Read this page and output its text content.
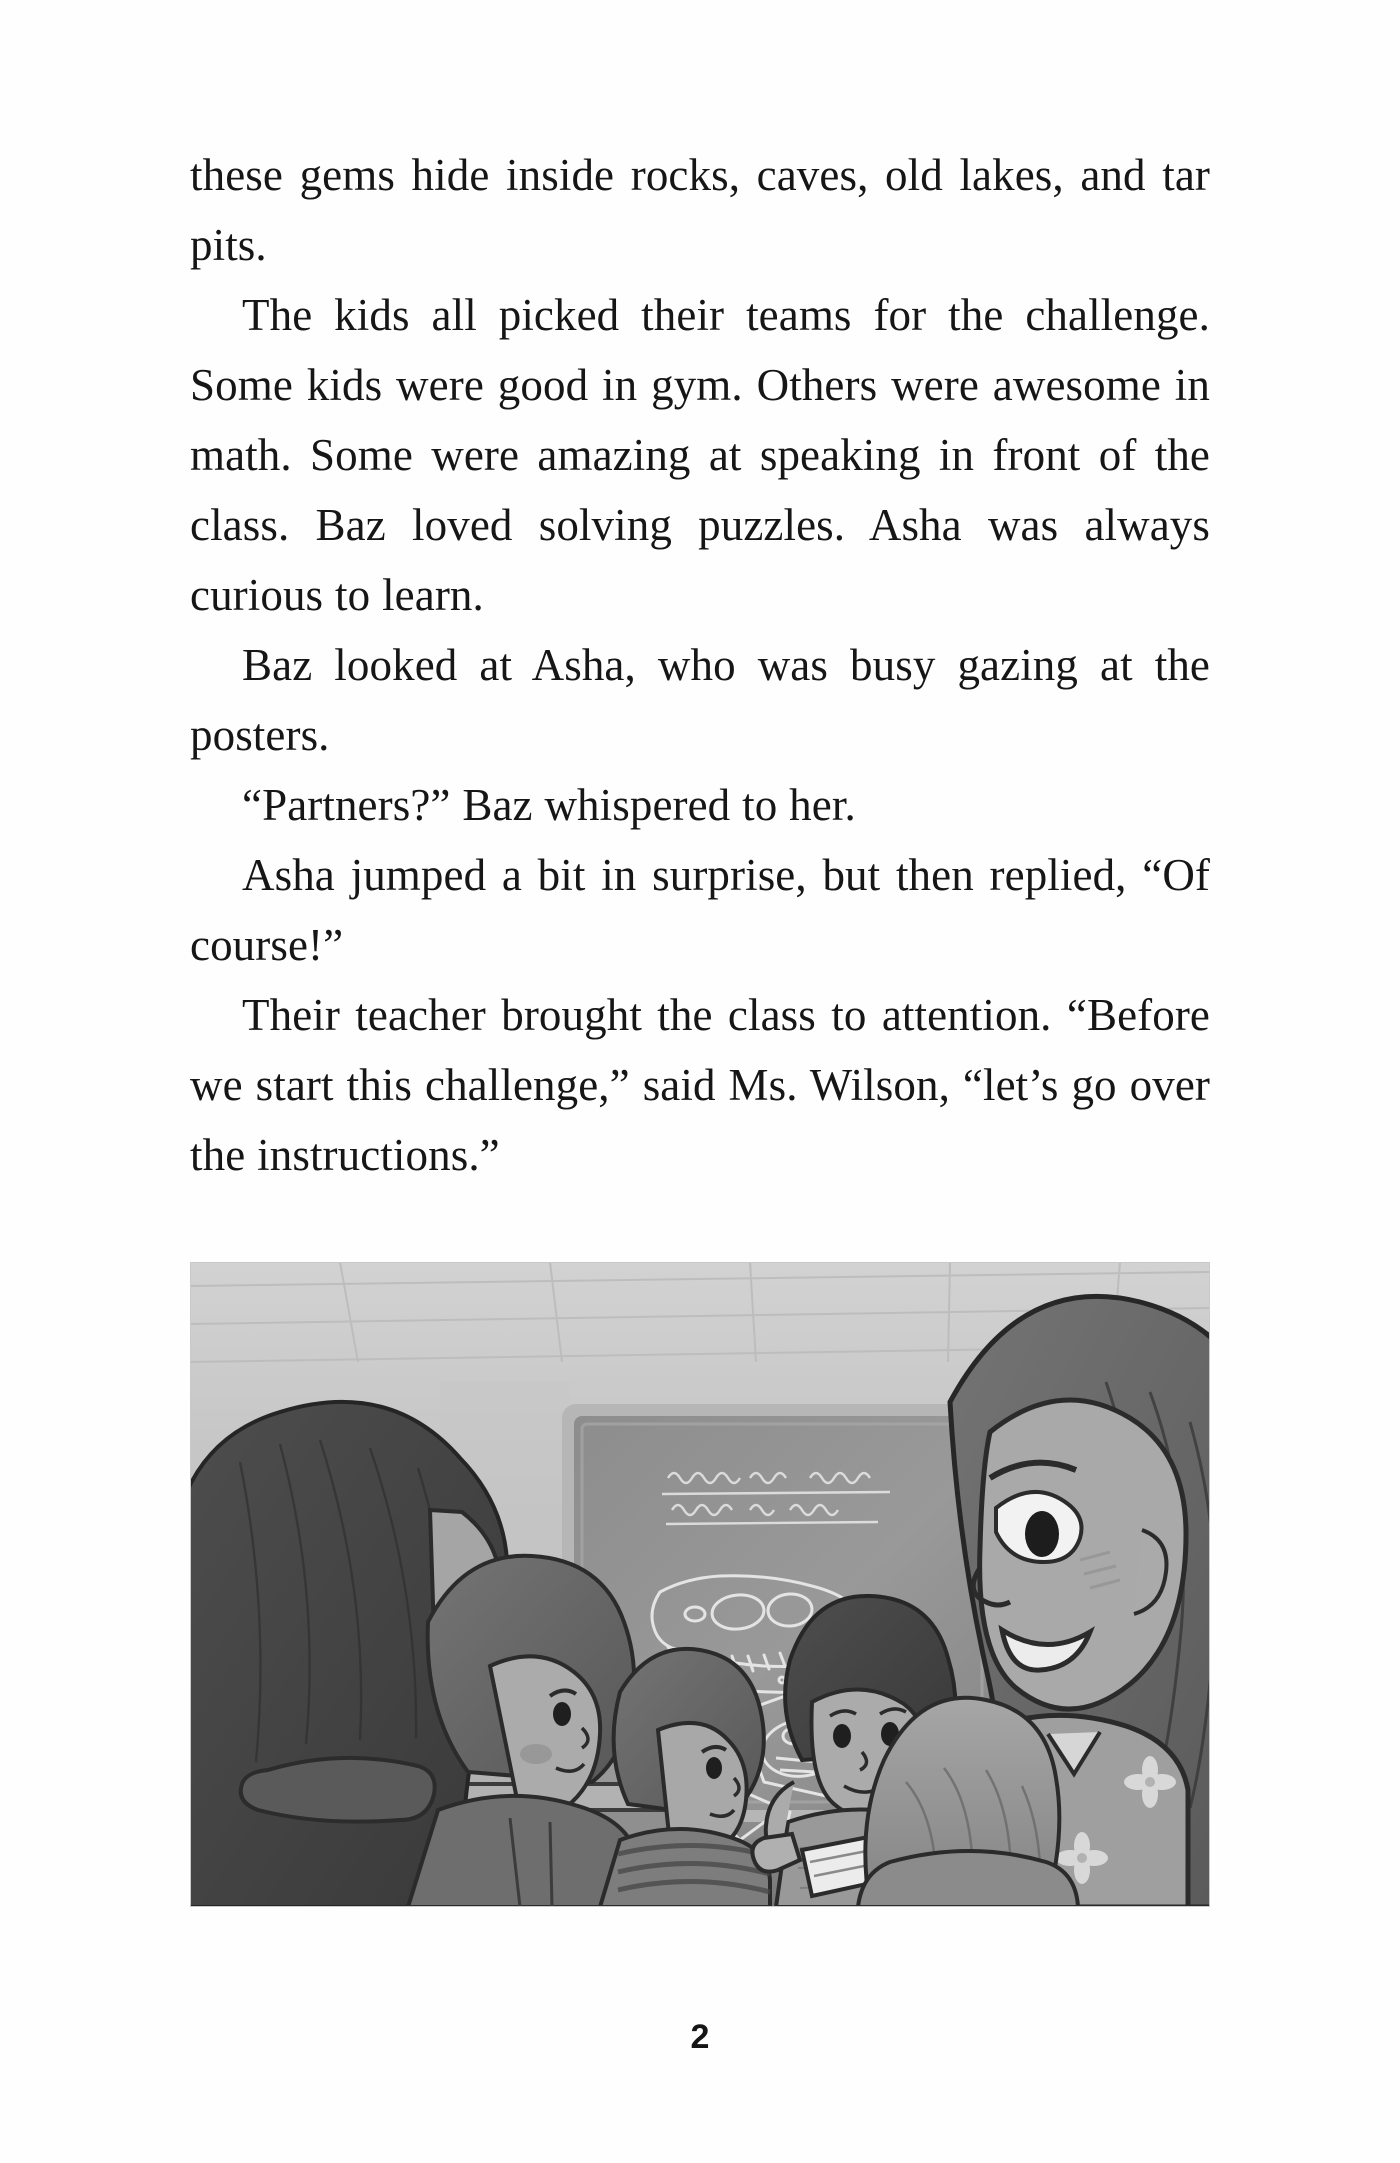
these gems hide inside rocks, caves, old lakes, and tar pits.

The kids all picked their teams for the challenge. Some kids were good in gym. Others were awesome in math. Some were amazing at speaking in front of the class. Baz loved solving puzzles. Asha was always curious to learn.

Baz looked at Asha, who was busy gazing at the posters.

“Partners?” Baz whispered to her.

Asha jumped a bit in surprise, but then replied, “Of course!”

Their teacher brought the class to attention. “Before we start this challenge,” said Ms. Wilson, “let’s go over the instructions.”

2
